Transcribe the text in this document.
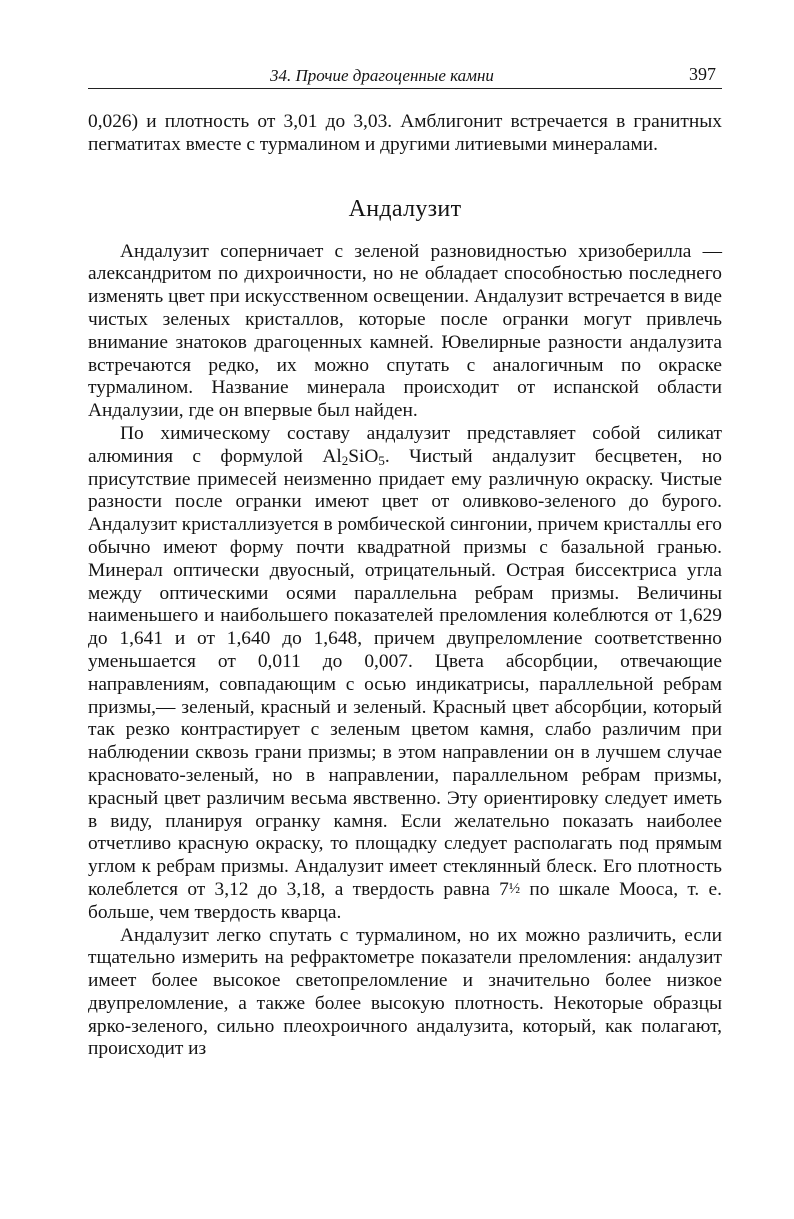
34. Прочие драгоценные камни	397

0,026) и плотность от 3,01 до 3,03. Амблигонит встречается в гранитных пегматитах вместе с турмалином и другими литиевыми минералами.

Андалузит

Андалузит соперничает с зеленой разновидностью хризоберилла — александритом по дихроичности, но не обладает способностью последнего изменять цвет при искусственном освещении. Андалузит встречается в виде чистых зеленых кристаллов, которые после огранки могут привлечь внимание знатоков драгоценных камней. Ювелирные разности андалузита встречаются редко, их можно спутать с аналогичным по окраске турмалином. Название минерала происходит от испанской области Андалузии, где он впервые был найден.

По химическому составу андалузит представляет собой силикат алюминия с формулой $Al_2SiO_5$. Чистый андалузит бесцветен, но присутствие примесей неизменно придает ему различную окраску. Чистые разности после огранки имеют цвет от оливково-зеленого до бурого. Андалузит кристаллизуется в ромбической сингонии, причем кристаллы его обычно имеют форму почти квадратной призмы с базальной гранью. Минерал оптически двуосный, отрицательный. Острая биссектриса угла между оптическими осями параллельна ребрам призмы. Величины наименьшего и наибольшего показателей преломления колеблются от 1,629 до 1,641 и от 1,640 до 1,648, причем двупреломление соответственно уменьшается от 0,011 до 0,007. Цвета абсорбции, отвечающие направлениям, совпадающим с осью индикатрисы, параллельной ребрам призмы,— зеленый, красный и зеленый. Красный цвет абсорбции, который так резко контрастирует с зеленым цветом камня, слабо различим при наблюдении сквозь грани призмы; в этом направлении он в лучшем случае красновато-зеленый, но в направлении, параллельном ребрам призмы, красный цвет различим весьма явственно. Эту ориентировку следует иметь в виду, планируя огранку камня. Если желательно показать наиболее отчетливо красную окраску, то площадку следует располагать под прямым углом к ребрам призмы. Андалузит имеет стеклянный блеск. Его плотность колеблется от 3,12 до 3,18, а твердость равна 7½ по шкале Мооса, т. е. больше, чем твердость кварца.

Андалузит легко спутать с турмалином, но их можно различить, если тщательно измерить на рефрактометре показатели преломления: андалузит имеет более высокое светопреломление и значительно более низкое двупреломление, а также более высокую плотность. Некоторые образцы ярко-зеленого, сильно плеохроичного андалузита, который, как полагают, происходит из
